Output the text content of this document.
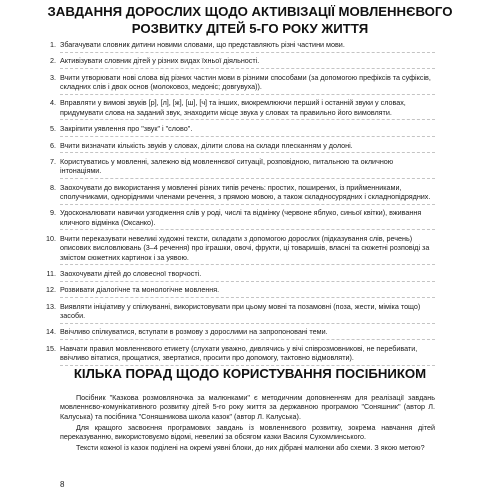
ЗАВДАННЯ ДОРОСЛИХ ЩОДО АКТИВІЗАЦІЇ МОВЛЕННЄВОГО РОЗВИТКУ ДІТЕЙ 5-ГО РОКУ ЖИТТЯ
1. Збагачувати словник дитини новими словами, що представляють різні частини мови.
2. Активізувати словник дітей у різних видах їхньої діяльності.
3. Вчити утворювати нові слова від різних частин мови в різними способами (за допомогою префіксів та суфіксів, складних слів і двох основ (молоковоз, медоніс; довгувуха)).
4. Вправляти у вимові звуків [р], [л], [ж], [ш], [ч] та інших, виокремлюючи перший і останній звуки у словах, придумувати слова на заданий звук, знаходити місце звука у словах та правильно його вимовляти.
5. Закріпити уявлення про "звук" і "слово".
6. Вчити визначати кількість звуків у словах, ділити слова на склади плесканням у долоні.
7. Користуватись у мовленні, залежно від мовленнєвої ситуації, розповідною, питальною та окличною інтонаціями.
8. Заохочувати до використання у мовленні різних типів речень: простих, поширених, із прийменниками, сполучниками, однорідними членами речення, з прямою мовою, а також складносурядних і складнопідрядних.
9. Удосконалювати навички узгодження слів у роді, числі та відмінку (червоне яблуко, синьої квітки), вживання кличного відмінка (Оксанко).
10. Вчити переказувати невеликі художні тексти, складати з допомогою дорослих (підказування слів, речень) описових висловлювань (3–4 речення) про іграшки, овочі, фрукти, ці товаришів, власні та сюжетні розповіді за змістом сюжетних картинок і за уявою.
11. Заохочувати дітей до словесної творчості.
12. Розвивати діалогічне та монологічне мовлення.
13. Виявляти ініціативу у спілкуванні, використовувати при цьому мовні та позамовні (поза, жести, міміка тощо) засоби.
14. Ввічливо спілкуватися, вступати в розмову з дорослими на запропоновані теми.
15. Навчати правил мовленнєвого етикету (слухати уважно, дивлячись у вічі співрозмовникові, не перебивати, ввічливо вітатися, прощатися, звертатися, просити про допомогу, тактовно відмовляти).
КІЛЬКА ПОРАД ЩОДО КОРИСТУВАННЯ ПОСІБНИКОМ

Посібник "Казкова розмовляночка за малюнками" є методичним доповненням для реалізації завдань мовленнєво-комунікативного розвитку дітей 5-го року життя за державною програмою "Соняшник" (автор Л. Калуська) та посібника "Соняшникова школа казок" (автор Л. Калуська).

Для кращого засвоєння програмових завдань із мовленнєвого розвитку, зокрема навчання дітей переказуванню, використовуємо відомі, невеликі за обсягом казки Василя Сухомлинського.

Тексти кожної із казок поділені на окремі уявні блоки, до них дібрані малюнки або схеми. З якою метою?

8
